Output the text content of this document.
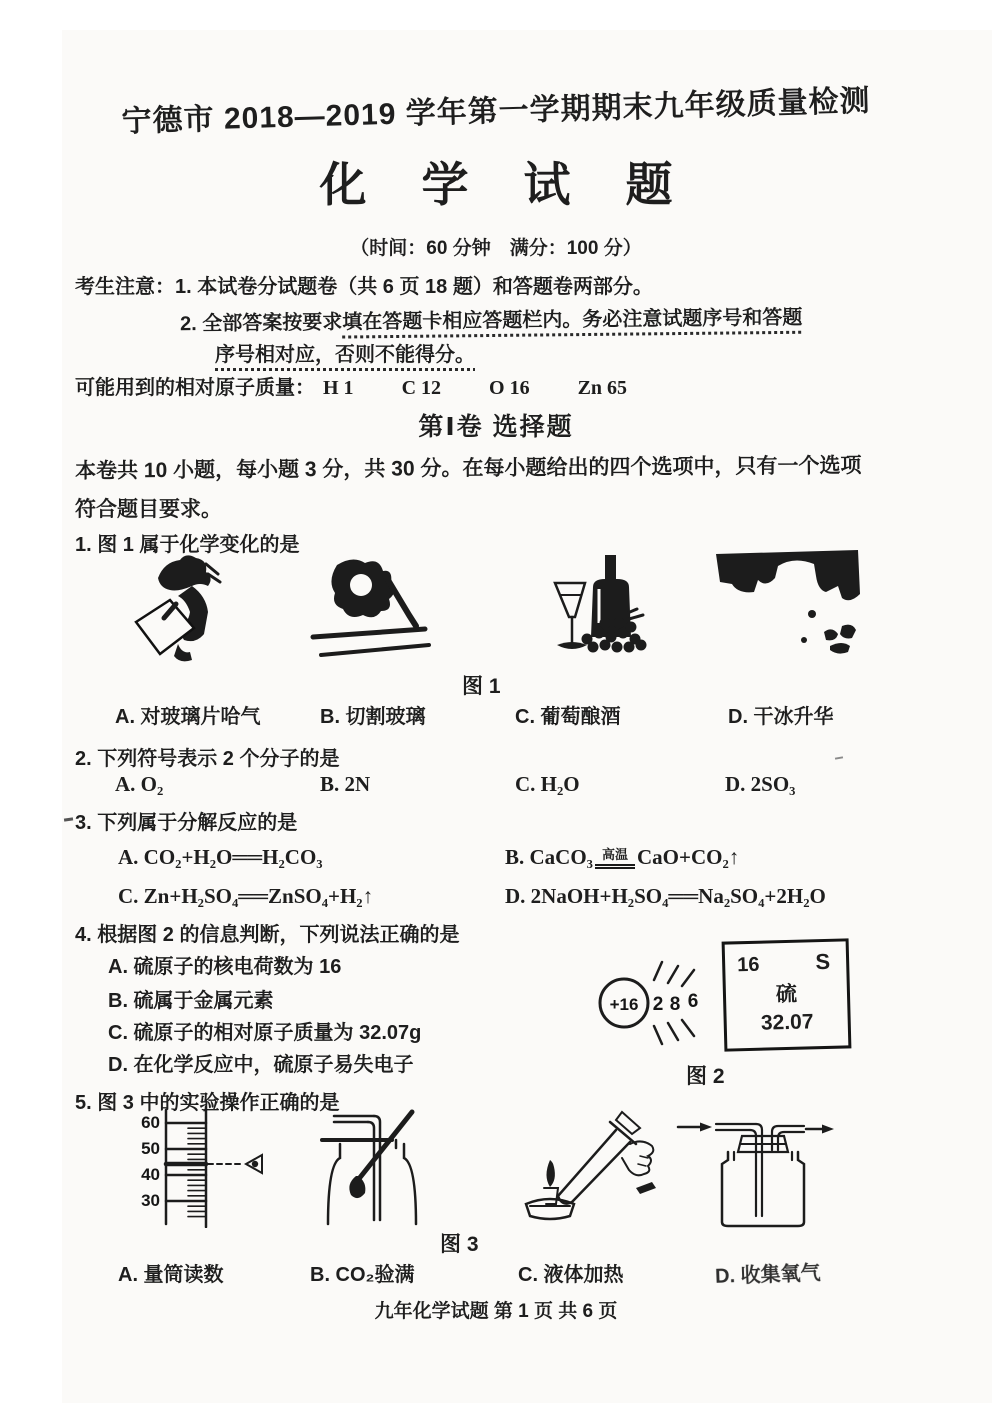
宁德市 2018—2019 学年第一学期期末九年级质量检测
化学试题
（时间：60 分钟　满分：100 分）
考生注意：1. 本试卷分试题卷（共 6 页 18 题）和答题卷两部分。
2. 全部答案按要求填在答题卡相应答题栏内。务必注意试题序号和答题
序号相对应，否则不能得分。
可能用到的相对原子质量： H 1 C 12 O 16 Zn 65
第Ⅰ卷 选择题
本卷共 10 小题，每小题 3 分，共 30 分。在每小题给出的四个选项中，只有一个选项
符合题目要求。
1. 图 1 属于化学变化的是
图 1
A. 对玻璃片哈气	B. 切割玻璃	C. 葡萄酿酒	D. 干冰升华
2. 下列符号表示 2 个分子的是
A. O₂	B. 2N	C. H₂O	D. 2SO₃
3. 下列属于分解反应的是
A. CO₂+H₂O══H₂CO₃	B. CaCO₃ 高温 CaO+CO₂↑
C. Zn+H₂SO₄══ZnSO₄+H₂↑	D. 2NaOH+H₂SO₄══Na₂SO₄+2H₂O
4. 根据图 2 的信息判断，下列说法正确的是
A. 硫原子的核电荷数为 16
B. 硫属于金属元素
C. 硫原子的相对原子质量为 32.07g
D. 在化学反应中，硫原子易失电子
+16 2 8 6
16	S
硫
32.07
图 2
5. 图 3 中的实验操作正确的是
60
50
40
30
图 3
A. 量筒读数	B. CO₂验满	C. 液体加热	D. 收集氧气
九年化学试题 第 1 页 共 6 页
